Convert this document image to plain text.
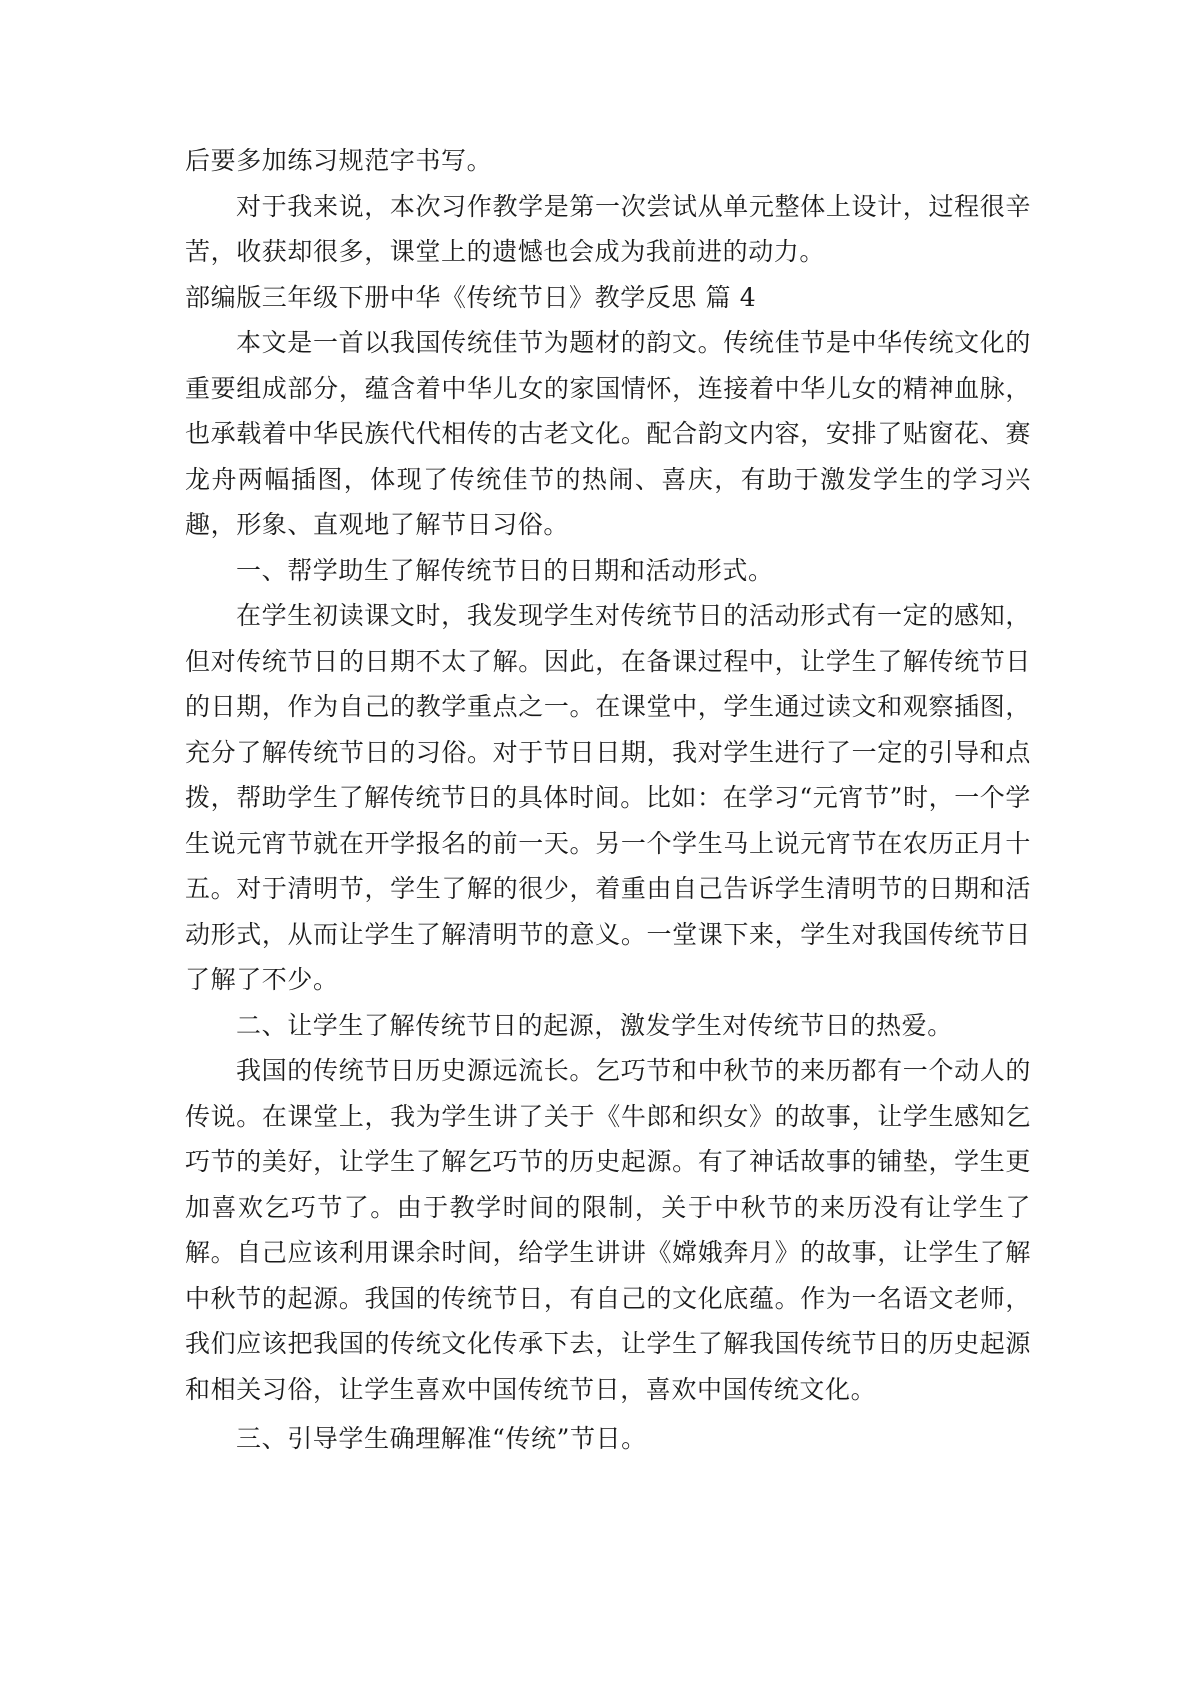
后要多加练习规范字书写。

对于我来说，本次习作教学是第一次尝试从单元整体上设计，过程很辛苦，收获却很多，课堂上的遗憾也会成为我前进的动力。

部编版三年级下册中华《传统节日》教学反思 篇 4

本文是一首以我国传统佳节为题材的韵文。传统佳节是中华传统文化的重要组成部分，蕴含着中华儿女的家国情怀，连接着中华儿女的精神血脉，也承载着中华民族代代相传的古老文化。配合韵文内容，安排了贴窗花、赛龙舟两幅插图，体现了传统佳节的热闹、喜庆，有助于激发学生的学习兴趣，形象、直观地了解节日习俗。

一、帮学助生了解传统节日的日期和活动形式。

在学生初读课文时，我发现学生对传统节日的活动形式有一定的感知，但对传统节日的日期不太了解。因此，在备课过程中，让学生了解传统节日的日期，作为自己的教学重点之一。在课堂中，学生通过读文和观察插图，充分了解传统节日的习俗。对于节日日期，我对学生进行了一定的引导和点拨，帮助学生了解传统节日的具体时间。比如：在学习“元宵节”时，一个学生说元宵节就在开学报名的前一天。另一个学生马上说元宵节在农历正月十五。对于清明节，学生了解的很少，着重由自己告诉学生清明节的日期和活动形式，从而让学生了解清明节的意义。一堂课下来，学生对我国传统节日了解了不少。

二、让学生了解传统节日的起源，激发学生对传统节日的热爱。

我国的传统节日历史源远流长。乞巧节和中秋节的来历都有一个动人的传说。在课堂上，我为学生讲了关于《牛郎和织女》的故事，让学生感知乞巧节的美好，让学生了解乞巧节的历史起源。有了神话故事的铺垫，学生更加喜欢乞巧节了。由于教学时间的限制，关于中秋节的来历没有让学生了解。自己应该利用课余时间，给学生讲讲《嫦娥奔月》的故事，让学生了解中秋节的起源。我国的传统节日，有自己的文化底蕴。作为一名语文老师，我们应该把我国的传统文化传承下去，让学生了解我国传统节日的历史起源和相关习俗，让学生喜欢中国传统节日，喜欢中国传统文化。

三、引导学生确理解准“传统”节日。
